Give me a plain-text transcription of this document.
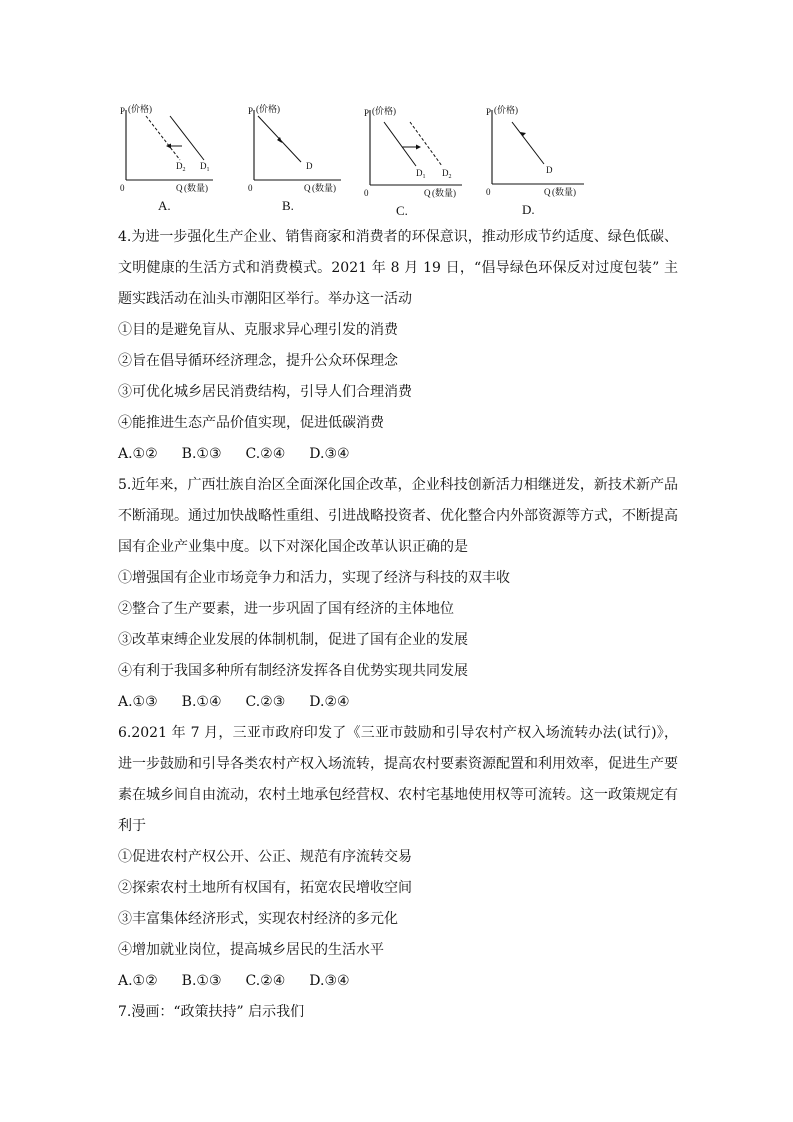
P (价格)
0	Q (数量)
$D_2$ $D_1$
A.
P (价格)
0	Q (数量)
D
B.
P (价格)
0	Q (数量)
$D_1$ $D_2$
C.
P (价格)
0	Q (数量)
D
D.
4.为进一步强化生产企业、销售商家和消费者的环保意识，推动形成节约适度、绿色低碳、文明健康的生活方式和消费模式。2021 年 8 月 19 日，“倡导绿色环保反对过度包装” 主题实践活动在汕头市潮阳区举行。举办这一活动
①目的是避免盲从、克服求异心理引发的消费
②旨在倡导循环经济理念，提升公众环保理念
③可优化城乡居民消费结构，引导人们合理消费
④能推进生态产品价值实现，促进低碳消费
A.①② B.①③ C.②④ D.③④
5.近年来，广西壮族自治区全面深化国企改革，企业科技创新活力相继迸发，新技术新产品不断涌现。通过加快战略性重组、引进战略投资者、优化整合内外部资源等方式，不断提高国有企业产业集中度。以下对深化国企改革认识正确的是
①增强国有企业市场竞争力和活力，实现了经济与科技的双丰收
②整合了生产要素，进一步巩固了国有经济的主体地位
③改革束缚企业发展的体制机制，促进了国有企业的发展
④有利于我国多种所有制经济发挥各自优势实现共同发展
A.①③ B.①④ C.②③ D.②④
6.2021 年 7 月，三亚市政府印发了《三亚市鼓励和引导农村产权入场流转办法(试行)》，进一步鼓励和引导各类农村产权入场流转，提高农村要素资源配置和利用效率，促进生产要素在城乡间自由流动，农村土地承包经营权、农村宅基地使用权等可流转。这一政策规定有利于
①促进农村产权公开、公正、规范有序流转交易
②探索农村土地所有权国有，拓宽农民增收空间
③丰富集体经济形式，实现农村经济的多元化
④增加就业岗位，提高城乡居民的生活水平
A.①② B.①③ C.②④ D.③④
7.漫画：“政策扶持” 启示我们
